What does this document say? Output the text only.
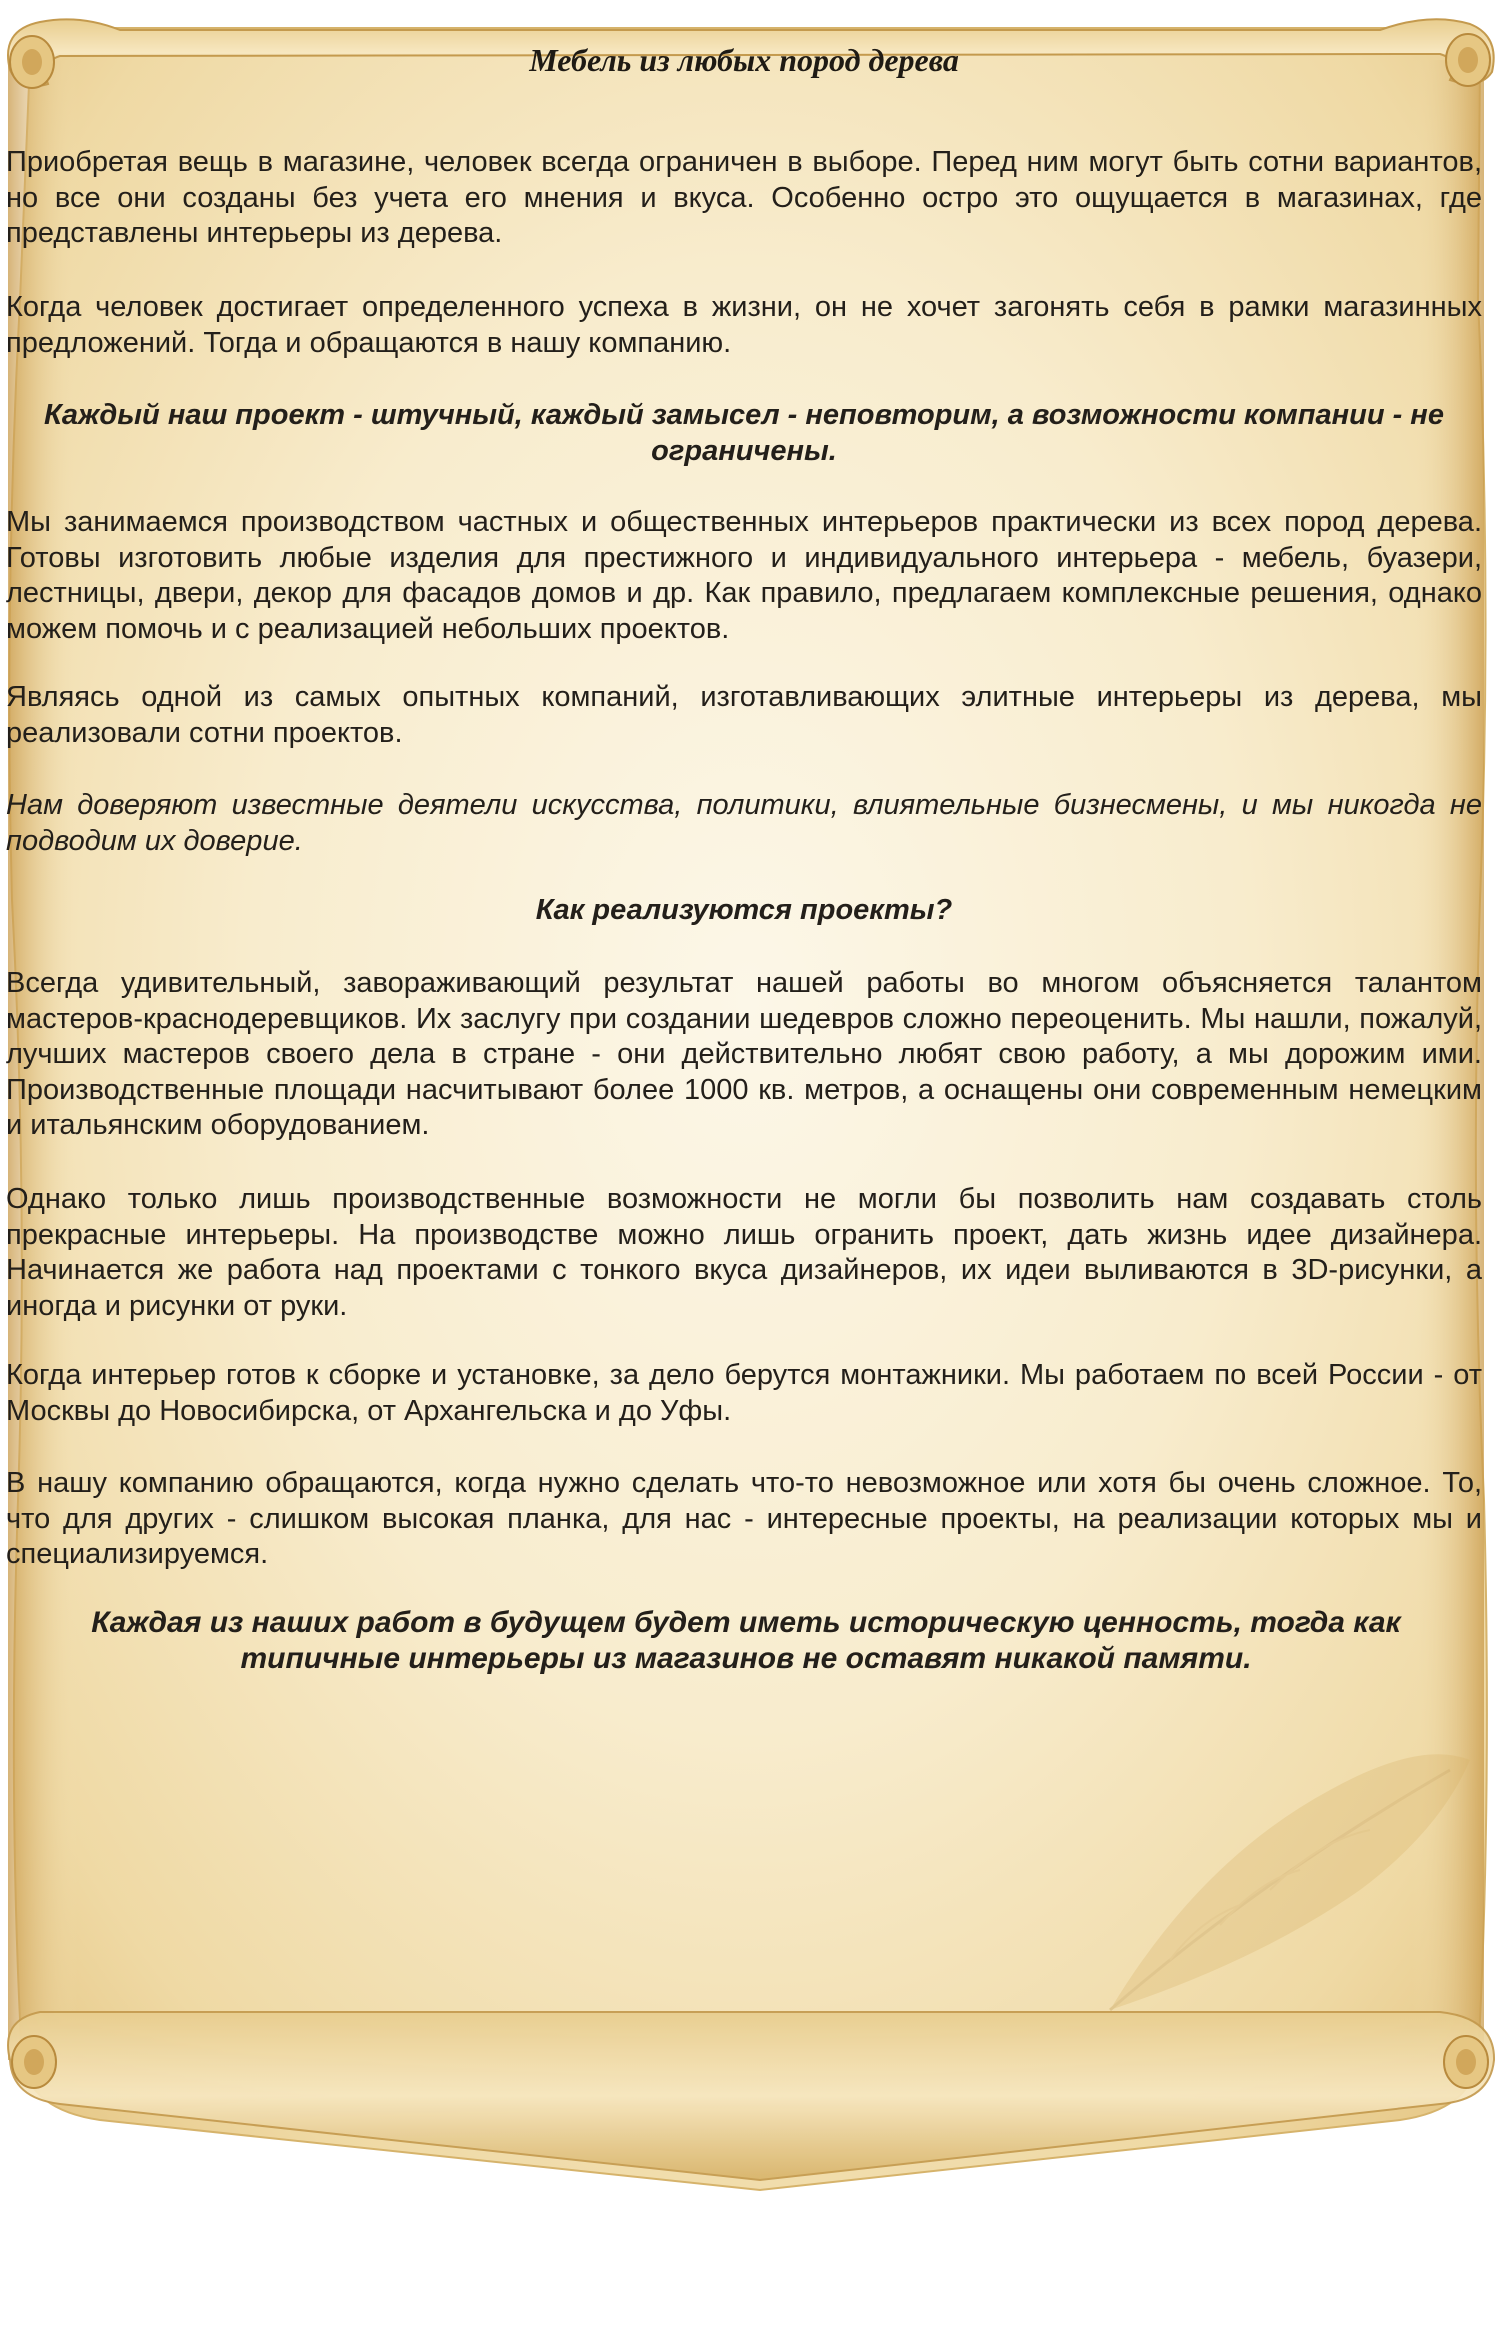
Мебель из любых пород дерева

Приобретая вещь в магазине, человек всегда ограничен в выборе. Перед ним могут быть сотни вариантов, но все они созданы без учета его мнения и вкуса. Особенно остро это ощущается в магазинах, где представлены интерьеры из дерева.

Когда человек достигает определенного успеха в жизни, он не хочет загонять себя в рамки магазинных предложений. Тогда и обращаются в нашу компанию.

Каждый наш проект - штучный, каждый замысел - неповторим, а возможности компании - не ограничены.

Мы занимаемся производством частных и общественных интерьеров практически из всех пород дерева. Готовы изготовить любые изделия для престижного и индивидуального интерьера - мебель, буазери, лестницы, двери, декор для фасадов домов и др. Как правило, предлагаем комплексные решения, однако можем помочь и с реализацией небольших проектов.

Являясь одной из самых опытных компаний, изготавливающих элитные интерьеры из дерева, мы реализовали сотни проектов.

Нам доверяют известные деятели искусства, политики, влиятельные бизнесмены, и мы никогда не подводим их доверие.

Как реализуются проекты?

Всегда удивительный, завораживающий результат нашей работы во многом объясняется талантом мастеров-краснодеревщиков. Их заслугу при создании шедевров сложно переоценить. Мы нашли, пожалуй, лучших мастеров своего дела в стране - они действительно любят свою работу, а мы дорожим ими. Производственные площади насчитывают более 1000 кв. метров, а оснащены они современным немецким и итальянским оборудованием.

Однако только лишь производственные возможности не могли бы позволить нам создавать столь прекрасные интерьеры. На производстве можно лишь огранить проект, дать жизнь идее дизайнера. Начинается же работа над проектами с тонкого вкуса дизайнеров, их идеи выливаются в 3D-рисунки, а иногда и рисунки от руки.

Когда интерьер готов к сборке и установке, за дело берутся монтажники. Мы работаем по всей России - от Москвы до Новосибирска, от Архангельска и до Уфы.

В нашу компанию обращаются, когда нужно сделать что-то невозможное или хотя бы очень сложное. То, что для других - слишком высокая планка, для нас - интересные проекты, на реализации которых мы и специализируемся.

Каждая из наших работ в будущем будет иметь историческую ценность, тогда как типичные интерьеры из магазинов не оставят никакой памяти.
